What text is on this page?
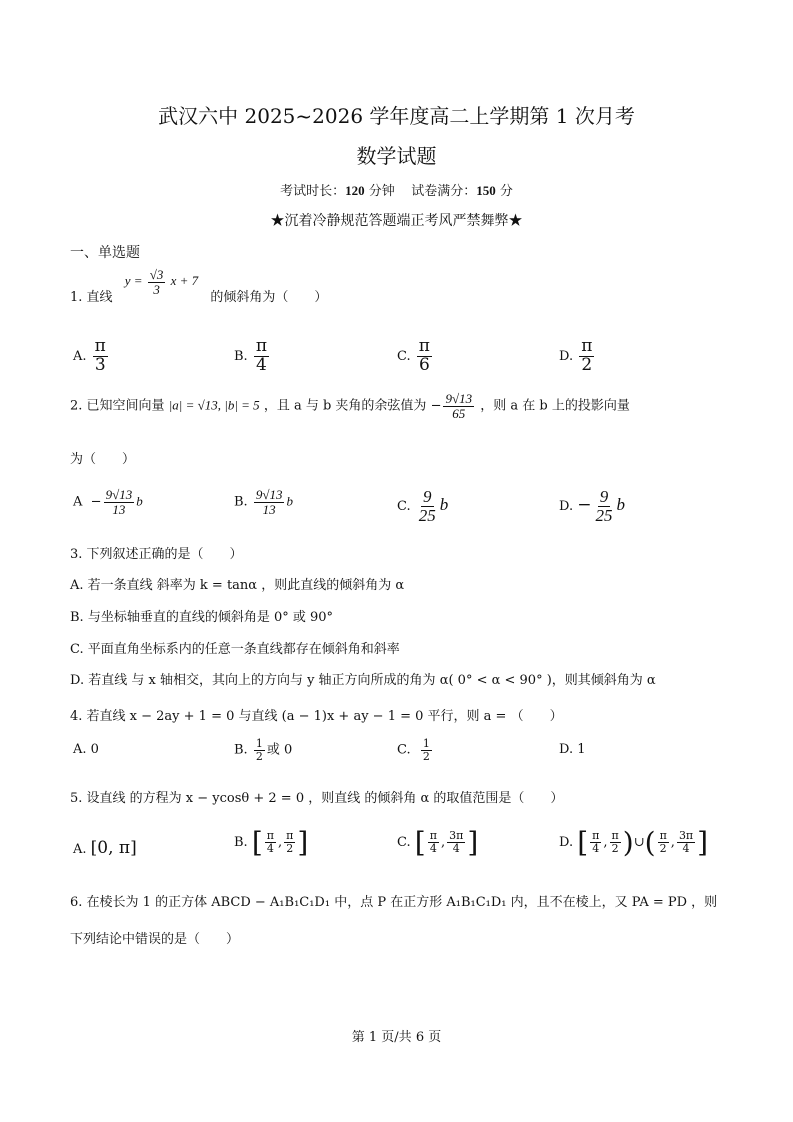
武汉六中 2025~2026 学年度高二上学期第 1 次月考
数学试题
考试时长：120 分钟    试卷满分：150 分
★沉着冷静规范答题端正考风严禁舞弊★
一、单选题
1. 直线 $y = \frac{√3}{3}$ x + 7 的倾斜角为（　　）
A. $\frac{\pi}{3}$	B. $\frac{\pi}{4}$	C. $\frac{\pi}{6}$	D. $\frac{\pi}{2}$
2. 已知空间向量 |a| = √13, |b| = 5 ，且 a 与 b 夹角的余弦值为 − $\frac{9√13}{65}$ ，则 a 在 b 上的投影向量
为（　　）
$A - \frac{9√13}{13}$ b	B. $\frac{9√13}{13}$ b	C. $\frac{9}{25}$ b	D. − $\frac{9}{25}$ b
3. 下列叙述正确的是（　　）
A. 若一条直线 斜率为 k = tanα ，则此直线的倾斜角为 α
B. 与坐标轴垂直的直线的倾斜角是 0° 或 90°
C. 平面直角坐标系内的任意一条直线都存在倾斜角和斜率
D. 若直线 与 x 轴相交，其向上的方向与 y 轴正方向所成的角为 α( 0° < α < 90° )，则其倾斜角为 α
4. 若直线 x − 2ay + 1 = 0 与直线 (a − 1)x + ay − 1 = 0 平行，则 a = （　　）
A. 0	B. $\frac{1}{2}$ 或 0	C. $\frac{1}{2}$	D. 1
5. 设直线 的方程为 x − ycosθ + 2 = 0 ，则直线 的倾斜角 α 的取值范围是（　　）
A. [0, π]	B. [ $\frac{\pi}{4}$ , $\frac{\pi}{2}$ ]	C. [ $\frac{\pi}{4}$ , $\frac{3\pi}{4}$ ]	D. [ $\frac{\pi}{4}$ , $\frac{\pi}{2}$ )∪( $\frac{\pi}{2}$ , $\frac{3\pi}{4}$ ]
6. 在棱长为 1 的正方体 ABCD − A₁B₁C₁D₁ 中，点 P 在正方形 A₁B₁C₁D₁ 内，且不在棱上，又 PA = PD ，则
下列结论中错误的是（　　）
第 1 页/共 6 页
